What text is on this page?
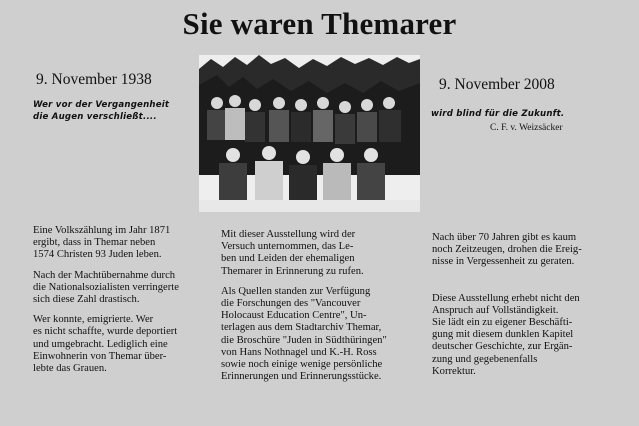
Sie waren Themarer
9. November 1938	9. November 2008
Wer vor der Vergangenheit
die Augen verschließt....	wird blind für die Zukunft.
C. F. v. Weizsäcker

Eine Volkszählung im Jahr 1871
ergibt, dass in Themar neben
1574 Christen 93 Juden leben.

Nach der Machtübernahme durch
die Nationalsozialisten verringerte
sich diese Zahl drastisch.

Wer konnte, emigrierte. Wer
es nicht schaffte, wurde deportiert
und umgebracht. Lediglich eine
Einwohnerin von Themar über-
lebte das Grauen.

Mit dieser Ausstellung wird der
Versuch unternommen, das Le-
ben und Leiden der ehemaligen
Themarer in Erinnerung zu rufen.

Als Quellen standen zur Verfügung
die Forschungen des "Vancouver
Holocaust Education Centre", Un-
terlagen aus dem Stadtarchiv Themar,
die Broschüre "Juden in Südthüringen"
von Hans Nothnagel und K.-H. Ross
sowie noch einige wenige persönliche
Erinnerungen und Erinnerungsstücke.

Nach über 70 Jahren gibt es kaum
noch Zeitzeugen, drohen die Ereig-
nisse in Vergessenheit zu geraten.

Diese Ausstellung erhebt nicht den
Anspruch auf Vollständigkeit.
Sie lädt ein zu eigener Beschäfti-
gung mit diesem dunklen Kapitel
deutscher Geschichte, zur Ergän-
zung und gegebenenfalls
Korrektur.
